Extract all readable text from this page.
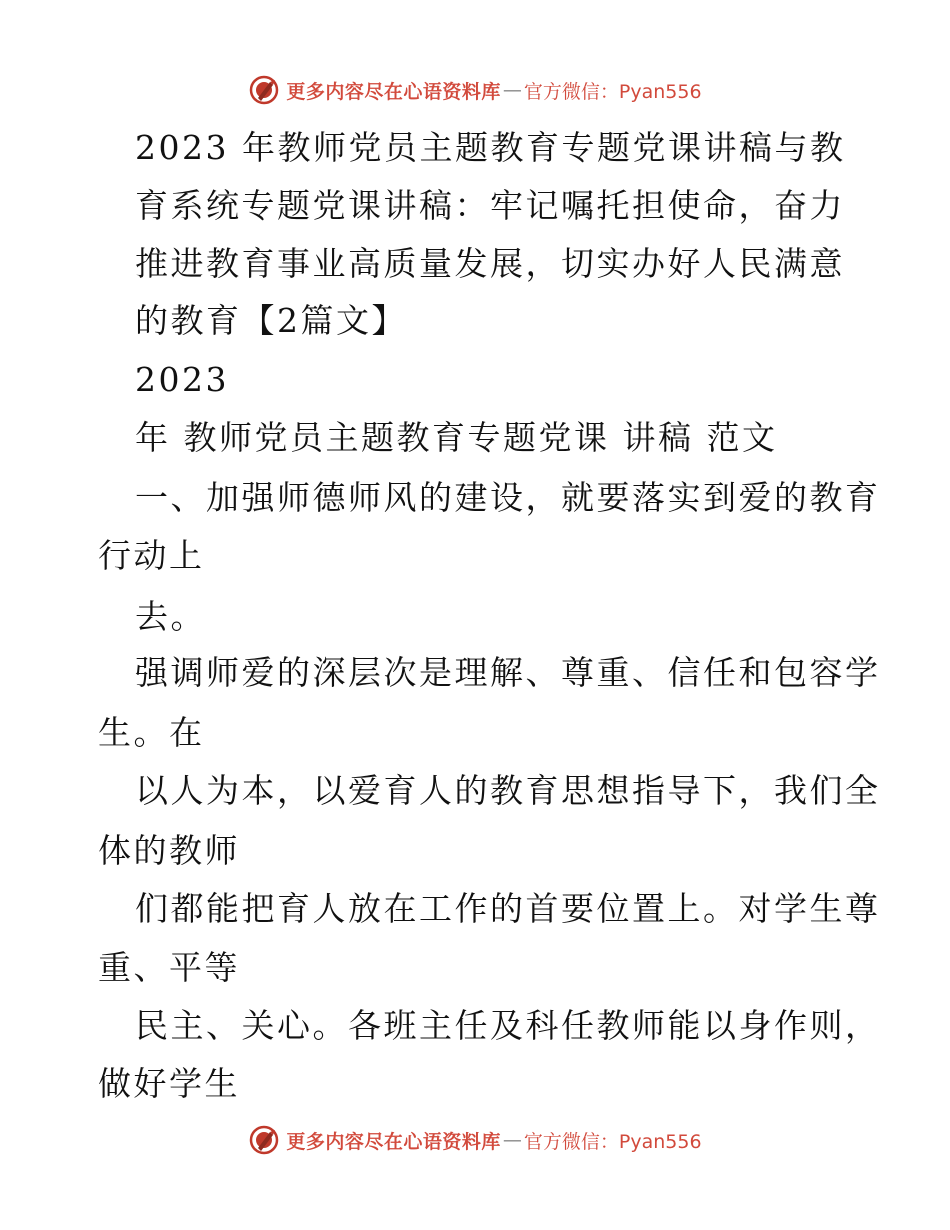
更多内容尽在心语资料库 — 官方微信：Pyan556
2023 年教师党员主题教育专题党课讲稿与教
育系统专题党课讲稿：牢记嘱托担使命，奋力
推进教育事业高质量发展，切实办好人民满意
的教育【2篇文】
2023
年 教师党员主题教育专题党课 讲稿 范文
一、加强师德师风的建设，就要落实到爱的教育
行动上
去。
强调师爱的深层次是理解、尊重、信任和包容学
生。在
以人为本，以爱育人的教育思想指导下，我们全
体的教师
们都能把育人放在工作的首要位置上。对学生尊
重、平等
民主、关心。各班主任及科任教师能以身作则，
做好学生
更多内容尽在心语资料库 — 官方微信：Pyan556
